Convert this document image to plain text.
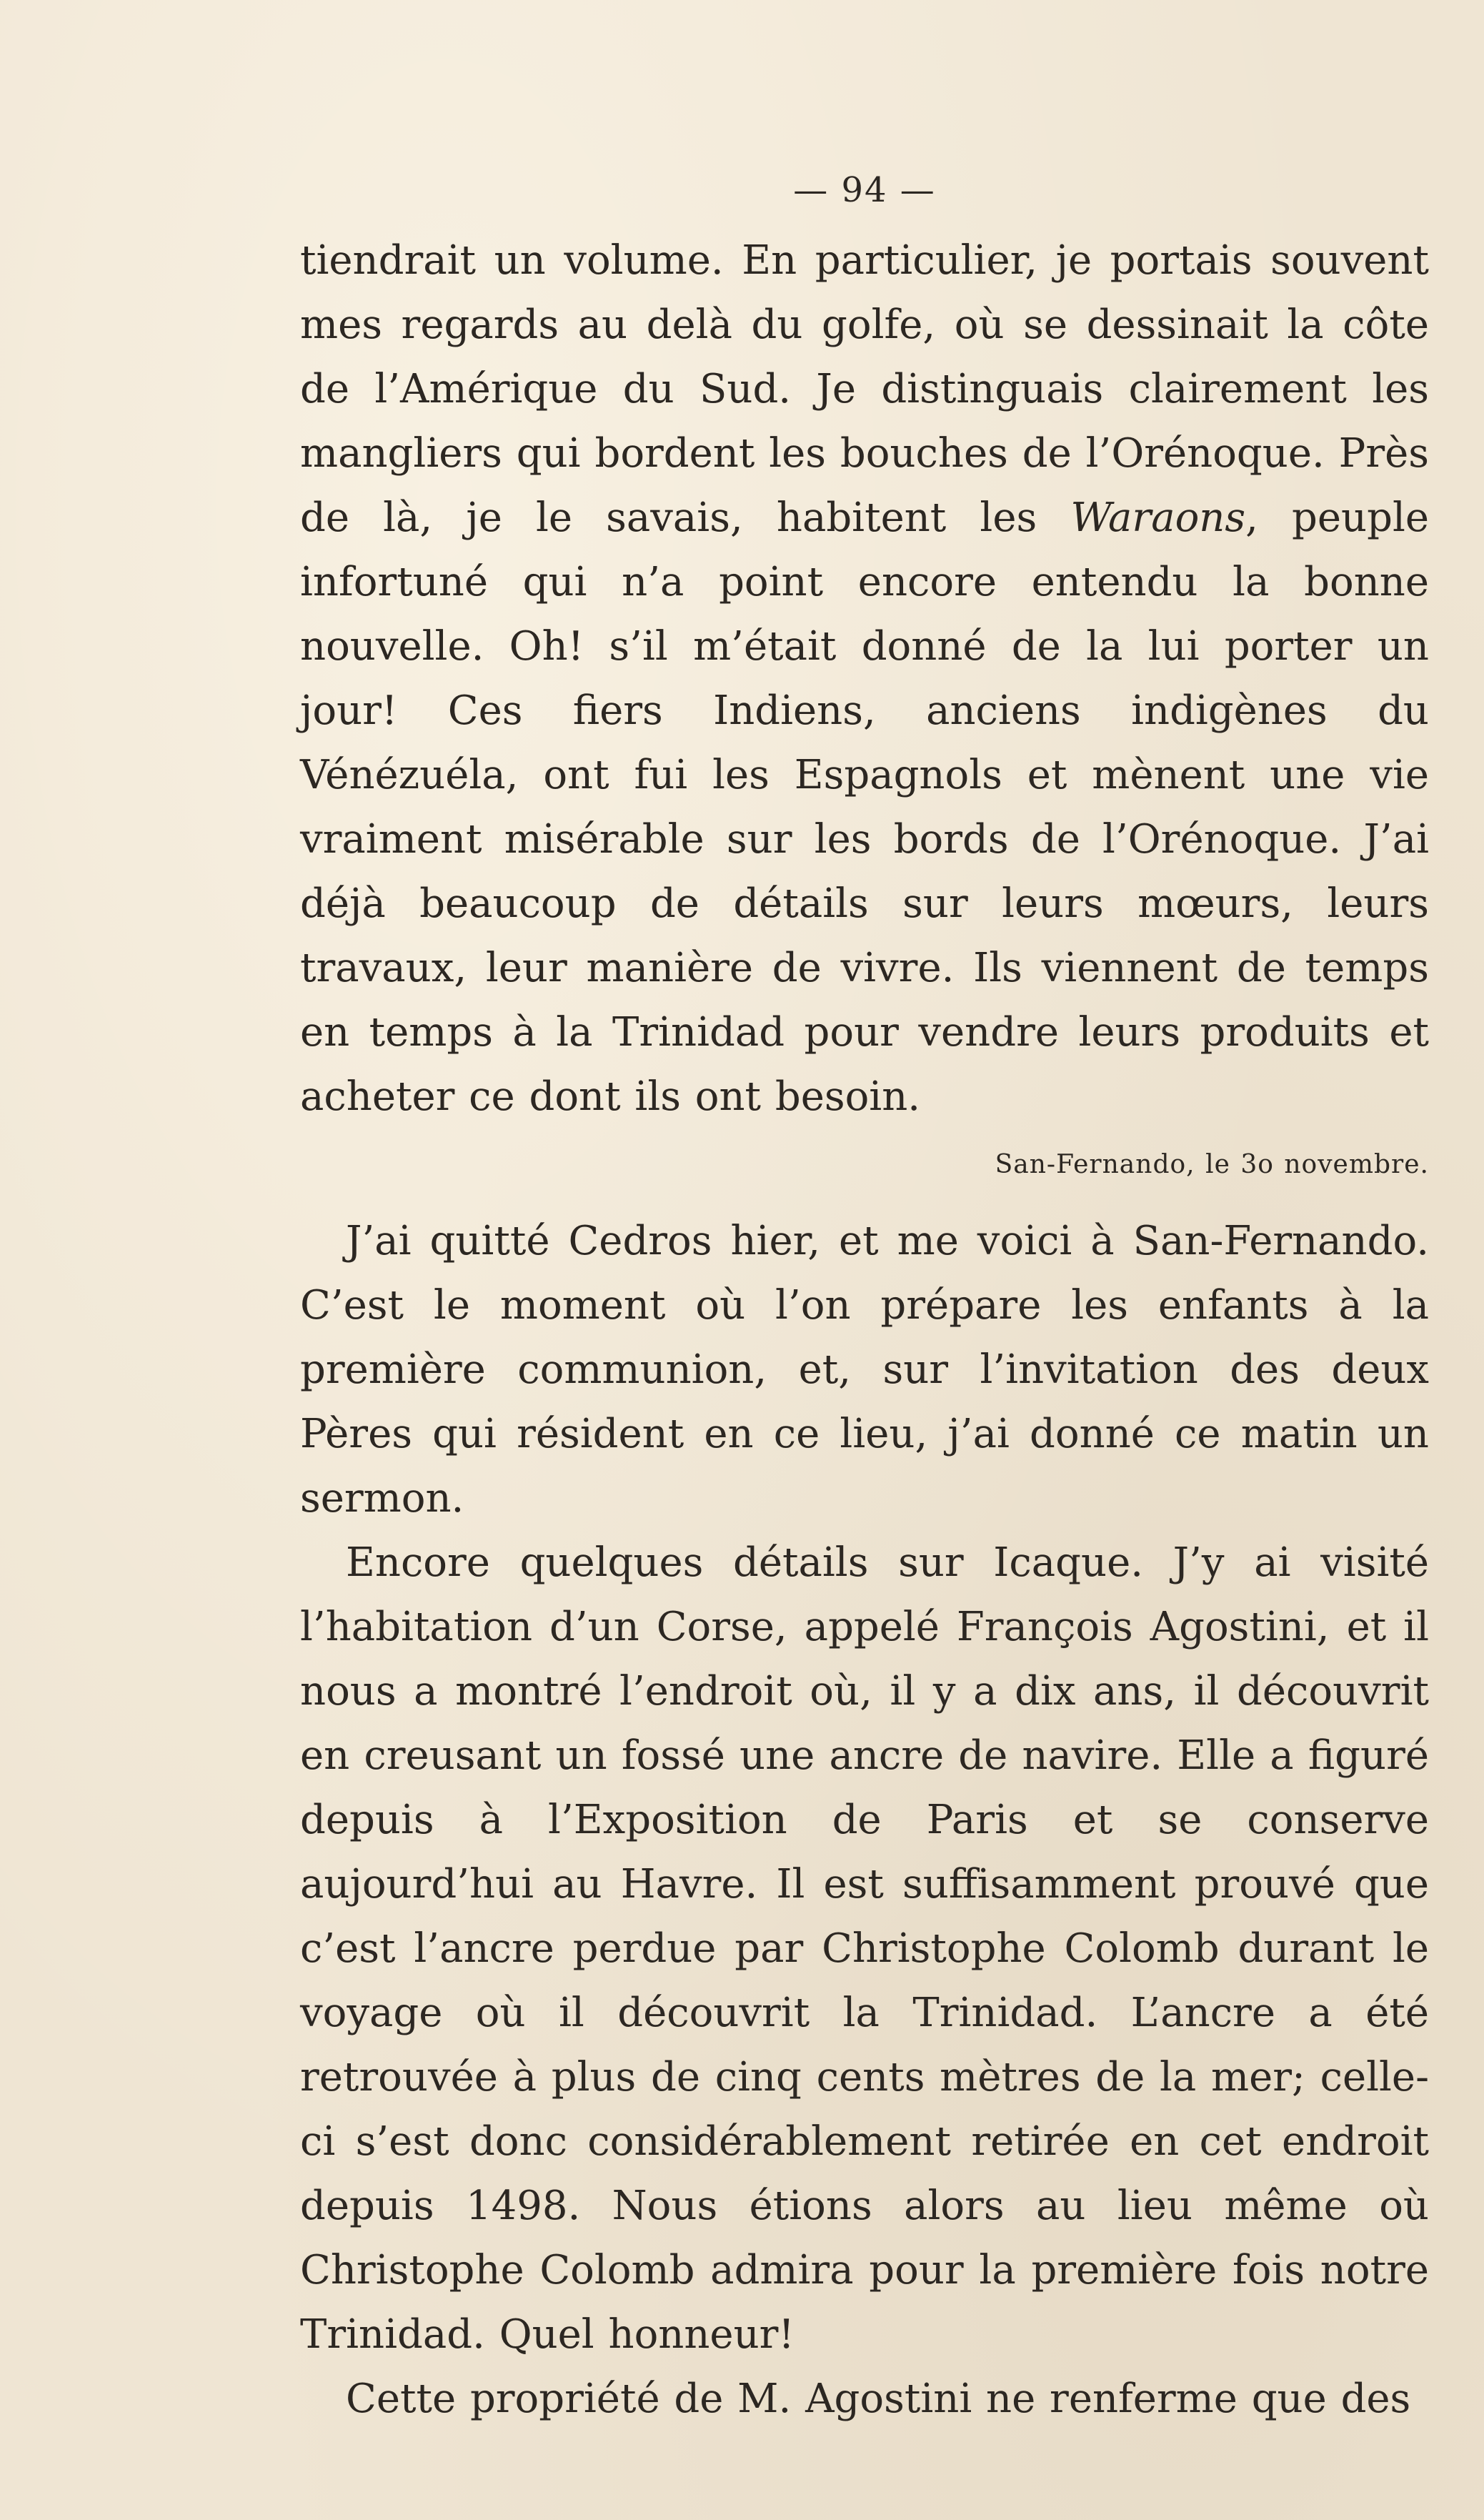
— 94 —

tiendrait un volume. En particulier, je portais souvent mes regards au delà du golfe, où se dessinait la côte de l’Amérique du Sud. Je distinguais clairement les mangliers qui bordent les bouches de l’Orénoque. Près de là, je le savais, habitent les Waraons, peuple infortuné qui n’a point encore entendu la bonne nouvelle. Oh! s’il m’était donné de la lui porter un jour! Ces fiers Indiens, anciens indigènes du Vénézuéla, ont fui les Espagnols et mènent une vie vraiment misérable sur les bords de l’Orénoque. J’ai déjà beaucoup de détails sur leurs mœurs, leurs travaux, leur manière de vivre. Ils viennent de temps en temps à la Trinidad pour vendre leurs produits et acheter ce dont ils ont besoin.

San-Fernando, le 3o novembre.

J’ai quitté Cedros hier, et me voici à San-Fernando. C’est le moment où l’on prépare les enfants à la première communion, et, sur l’invitation des deux Pères qui résident en ce lieu, j’ai donné ce matin un sermon.

Encore quelques détails sur Icaque. J’y ai visité l’habitation d’un Corse, appelé François Agostini, et il nous a montré l’endroit où, il y a dix ans, il découvrit en creusant un fossé une ancre de navire. Elle a figuré depuis à l’Exposition de Paris et se conserve aujourd’hui au Havre. Il est suffisamment prouvé que c’est l’ancre perdue par Christophe Colomb durant le voyage où il découvrit la Trinidad. L’ancre a été retrouvée à plus de cinq cents mètres de la mer; celle-ci s’est donc considérablement retirée en cet endroit depuis 1498. Nous étions alors au lieu même où Christophe Colomb admira pour la première fois notre Trinidad. Quel honneur!

Cette propriété de M. Agostini ne renferme que des
